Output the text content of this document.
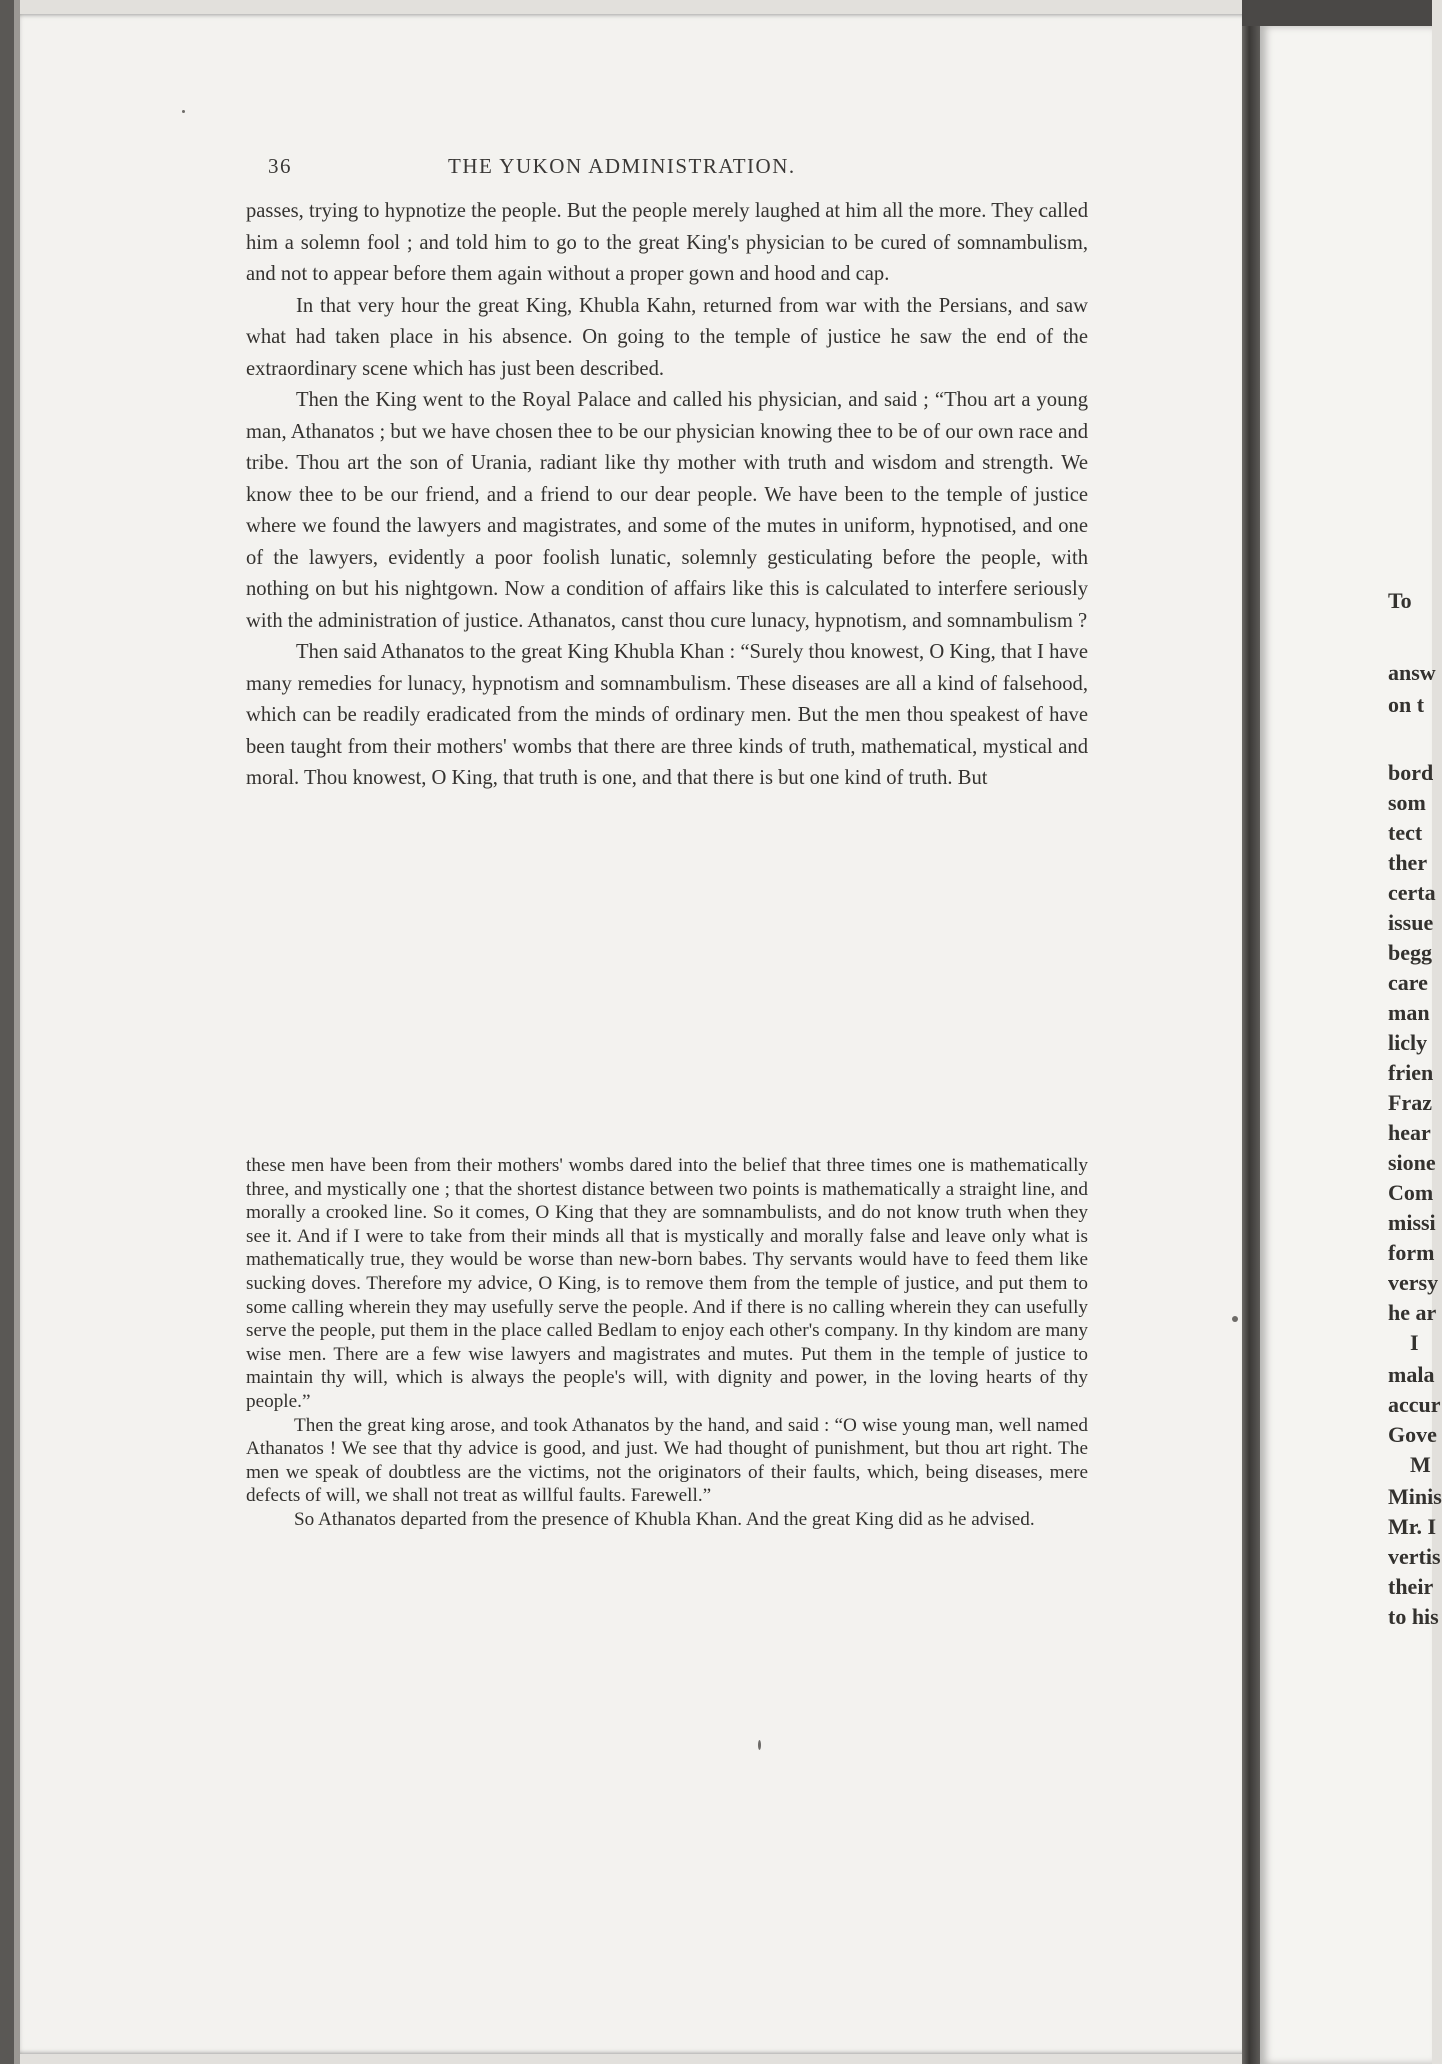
36	THE YUKON ADMINISTRATION.

passes, trying to hypnotize the people. But the people merely laughed at him all the more. They called him a solemn fool ; and told him to go to the great King's physician to be cured of somnambulism, and not to appear before them again without a proper gown and hood and cap.

In that very hour the great King, Khubla Kahn, returned from war with the Persians, and saw what had taken place in his absence. On going to the temple of justice he saw the end of the extraordinary scene which has just been described.

Then the King went to the Royal Palace and called his physician, and said ; “Thou art a young man, Athanatos ; but we have chosen thee to be our physician knowing thee to be of our own race and tribe. Thou art the son of Urania, radiant like thy mother with truth and wisdom and strength. We know thee to be our friend, and a friend to our dear people. We have been to the temple of justice where we found the lawyers and magistrates, and some of the mutes in uniform, hypnotised, and one of the lawyers, evidently a poor foolish lunatic, solemnly gesticulating before the people, with nothing on but his nightgown. Now a condition of affairs like this is calculated to interfere seriously with the administration of justice. Athanatos, canst thou cure lunacy, hypnotism, and somnambulism ?

Then said Athanatos to the great King Khubla Khan : “Surely thou knowest, O King, that I have many remedies for lunacy, hypnotism and somnambulism. These diseases are all a kind of falsehood, which can be readily eradicated from the minds of ordinary men. But the men thou speakest of have been taught from their mothers' wombs that there are three kinds of truth, mathematical, mystical and moral. Thou knowest, O King, that truth is one, and that there is but one kind of truth. But

these men have been from their mothers' wombs dared into the belief that three times one is mathematically three, and mystically one ; that the shortest distance between two points is mathematically a straight line, and morally a crooked line. So it comes, O King that they are somnambulists, and do not know truth when they see it. And if I were to take from their minds all that is mystically and morally false and leave only what is mathematically true, they would be worse than new-born babes. Thy servants would have to feed them like sucking doves. Therefore my advice, O King, is to remove them from the temple of justice, and put them to some calling wherein they may usefully serve the people. And if there is no calling wherein they can usefully serve the people, put them in the place called Bedlam to enjoy each other's company. In thy kindom are many wise men. There are a few wise lawyers and magistrates and mutes. Put them in the temple of justice to maintain thy will, which is always the people's will, with dignity and power, in the loving hearts of thy people.”

Then the great king arose, and took Athanatos by the hand, and said : “O wise young man, well named Athanatos ! We see that thy advice is good, and just. We had thought of punishment, but thou art right. The men we speak of doubtless are the victims, not the originators of their faults, which, being diseases, mere defects of will, we shall not treat as willful faults. Farewell.”

So Athanatos departed from the presence of Khubla Khan. And the great King did as he advised.

To
answ
on t
bord
som
tect
ther
certa
issue
begg
care
man
licly
frien
Fraz
hear
sione
Com
missi
form
versy
he ar
I
mala
accur
Gove
M
Minis
Mr. I
vertis
their
to his
